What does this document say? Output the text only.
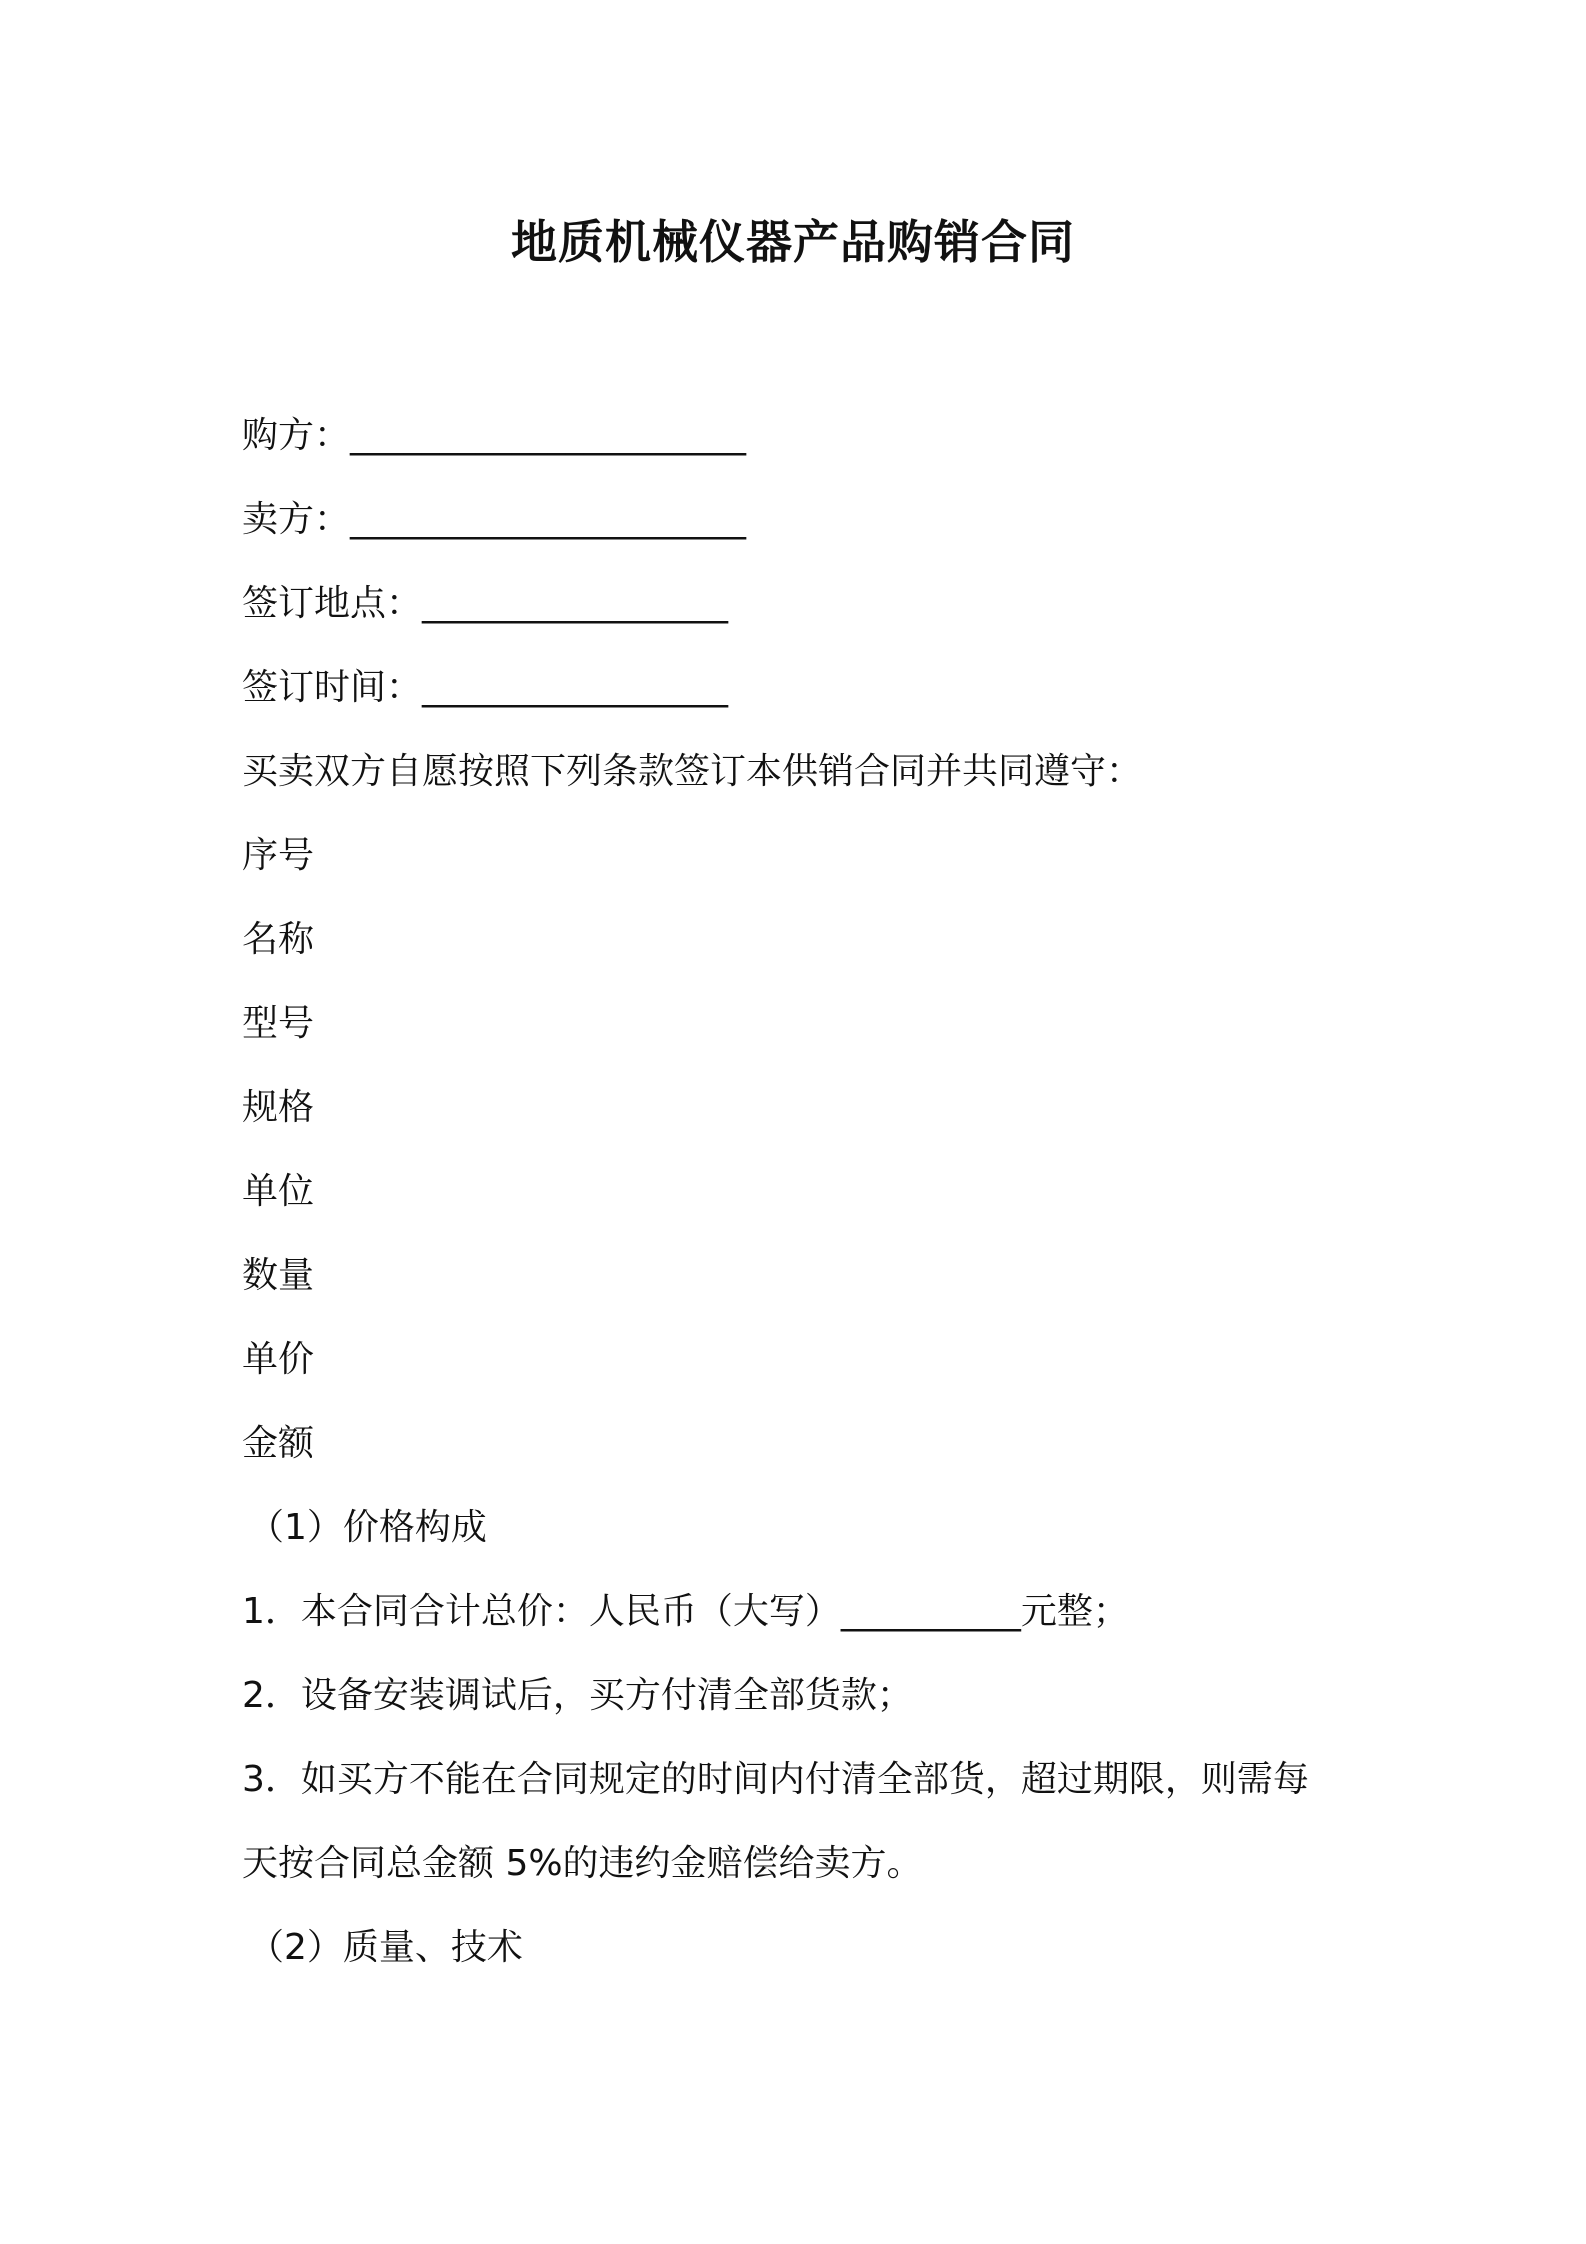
地质机械仪器产品购销合同
购方：______________________
卖方：______________________
签订地点：_________________
签订时间：_________________
买卖双方自愿按照下列条款签订本供销合同并共同遵守：
序号
名称
型号
规格
单位
数量
单价
金额
（1）价格构成
1．本合同合计总价：人民币（大写）__________元整；
2．设备安装调试后，买方付清全部货款；
3．如买方不能在合同规定的时间内付清全部货，超过期限，则需每
天按合同总金额 5%的违约金赔偿给卖方。
（2）质量、技术
